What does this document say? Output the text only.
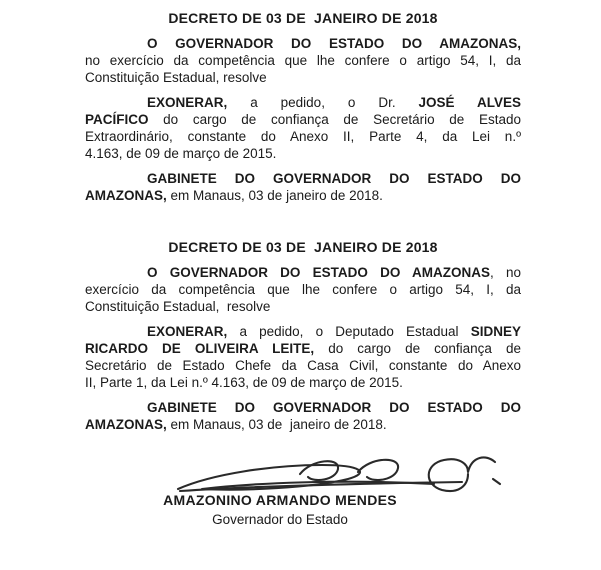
DECRETO DE 03 DE  JANEIRO DE 2018
O GOVERNADOR DO ESTADO DO AMAZONAS,
no exercício da competência que lhe confere o artigo 54, I, da
Constituição Estadual, resolve
EXONERAR, a pedido, o Dr. JOSÉ ALVES
PACÍFICO do cargo de confiança de Secretário de Estado
Extraordinário, constante do Anexo II, Parte 4, da Lei n.º
4.163, de 09 de março de 2015.
GABINETE DO GOVERNADOR DO ESTADO DO
AMAZONAS, em Manaus, 03 de janeiro de 2018.
DECRETO DE 03 DE  JANEIRO DE 2018
O GOVERNADOR DO ESTADO DO AMAZONAS, no
exercício da competência que lhe confere o artigo 54, I, da
Constituição Estadual,  resolve
EXONERAR, a pedido, o Deputado Estadual SIDNEY
RICARDO DE OLIVEIRA LEITE, do cargo de confiança de
Secretário de Estado Chefe da Casa Civil, constante do Anexo
II, Parte 1, da Lei n.º 4.163, de 09 de março de 2015.
GABINETE DO GOVERNADOR DO ESTADO DO
AMAZONAS, em Manaus, 03 de  janeiro de 2018.
AMAZONINO ARMANDO MENDES
Governador do Estado
